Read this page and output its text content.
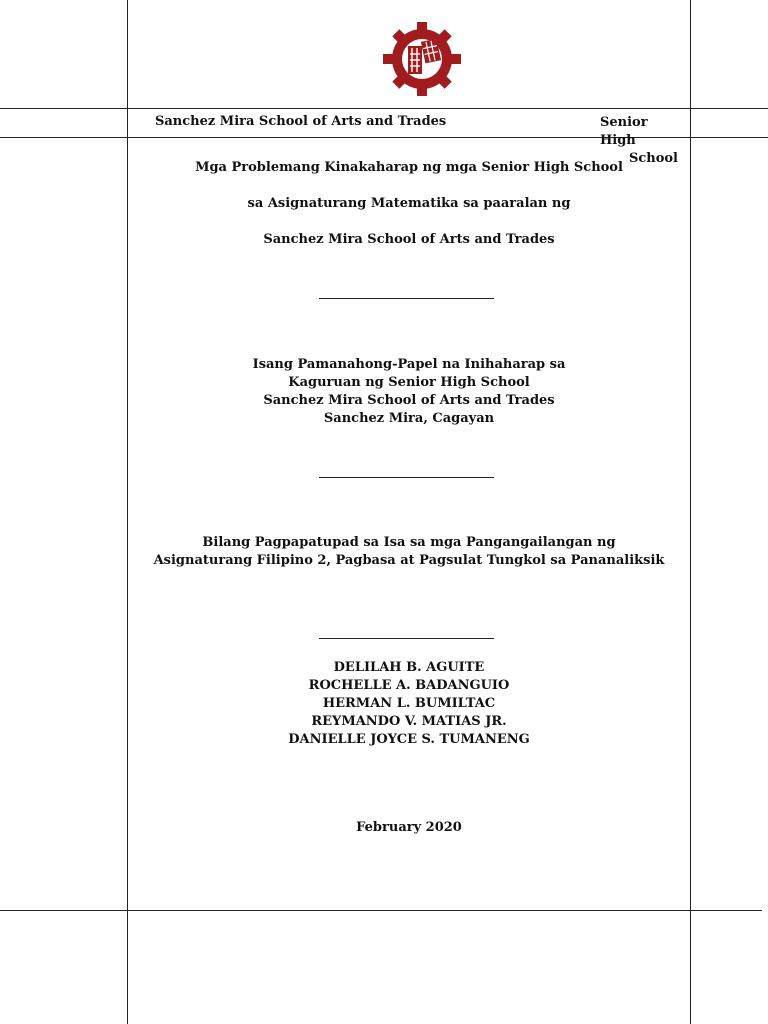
Sanchez Mira School of Arts and Trades	Senior High
School
Mga Problemang Kinakaharap ng mga Senior High School
sa Asignaturang Matematika sa paaralan ng
Sanchez Mira School of Arts and Trades
Isang Pamanahong-Papel na Inihaharap sa
Kaguruan ng Senior High School
Sanchez Mira School of Arts and Trades
Sanchez Mira, Cagayan
Bilang Pagpapatupad sa Isa sa mga Pangangailangan ng
Asignaturang Filipino 2, Pagbasa at Pagsulat Tungkol sa Pananaliksik
DELILAH B. AGUITE
ROCHELLE A. BADANGUIO
HERMAN L. BUMILTAC
REYMANDO V. MATIAS JR.
DANIELLE JOYCE S. TUMANENG
February 2020
